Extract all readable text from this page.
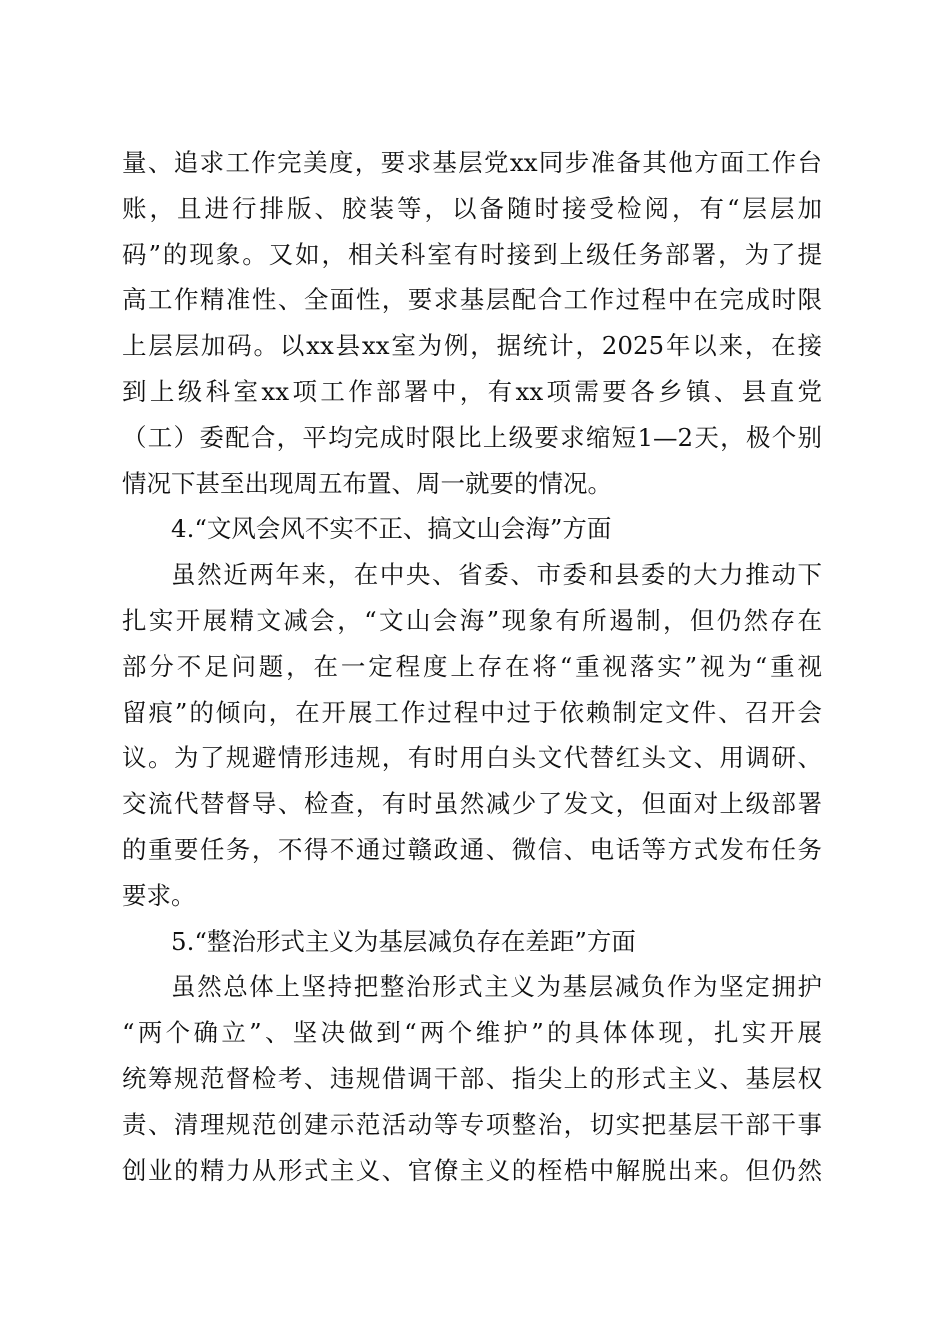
量、追求工作完美度，要求基层党xx同步准备其他方面工作台
账，且进行排版、胶装等，以备随时接受检阅，有“层层加
码”的现象。又如，相关科室有时接到上级任务部署，为了提
高工作精准性、全面性，要求基层配合工作过程中在完成时限
上层层加码。以xx县xx室为例，据统计，2025年以来，在接
到上级科室xx项工作部署中，有xx项需要各乡镇、县直党
（工）委配合，平均完成时限比上级要求缩短1—2天，极个别
情况下甚至出现周五布置、周一就要的情况。
4.“文风会风不实不正、搞文山会海”方面
虽然近两年来，在中央、省委、市委和县委的大力推动下
扎实开展精文减会，“文山会海”现象有所遏制，但仍然存在
部分不足问题，在一定程度上存在将“重视落实”视为“重视
留痕”的倾向，在开展工作过程中过于依赖制定文件、召开会
议。为了规避情形违规，有时用白头文代替红头文、用调研、
交流代替督导、检查，有时虽然减少了发文，但面对上级部署
的重要任务，不得不通过赣政通、微信、电话等方式发布任务
要求。
5.“整治形式主义为基层减负存在差距”方面
虽然总体上坚持把整治形式主义为基层减负作为坚定拥护
“两个确立”、坚决做到“两个维护”的具体体现，扎实开展
统筹规范督检考、违规借调干部、指尖上的形式主义、基层权
责、清理规范创建示范活动等专项整治，切实把基层干部干事
创业的精力从形式主义、官僚主义的桎梏中解脱出来。但仍然
